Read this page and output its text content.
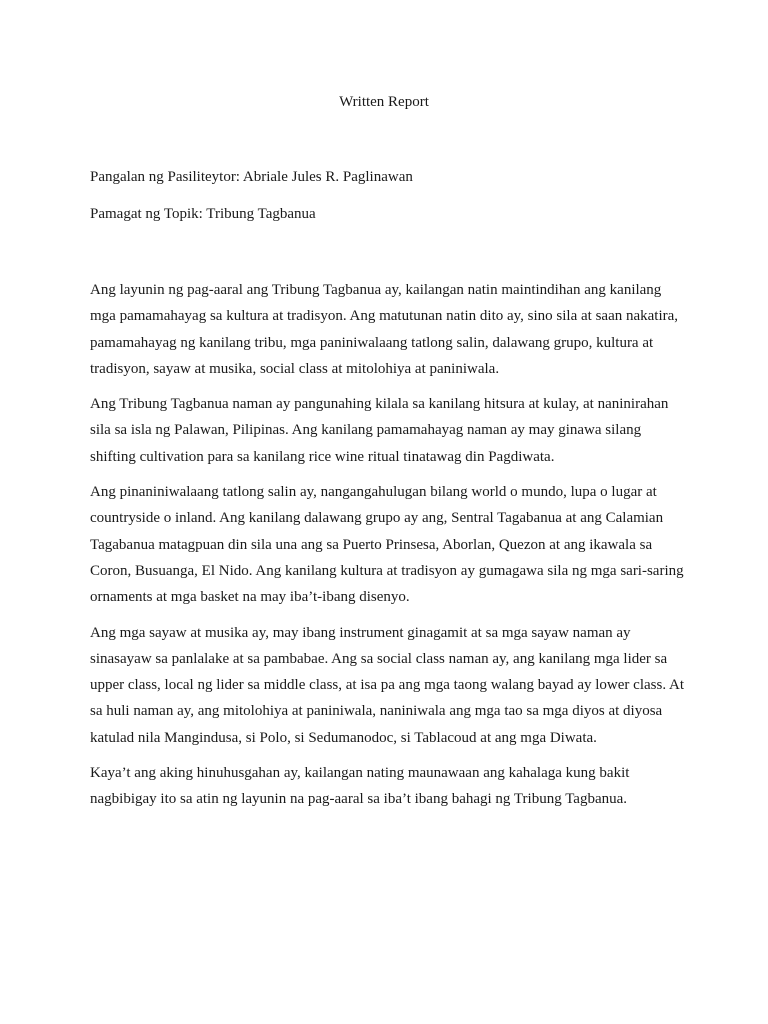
Written Report
Pangalan ng Pasiliteytor: Abriale Jules R. Paglinawan
Pamagat ng Topik: Tribung Tagbanua

Ang layunin ng pag-aaral ang Tribung Tagbanua ay, kailangan natin maintindihan ang kanilang mga pamamahayag sa kultura at tradisyon. Ang matutunan natin dito ay, sino sila at saan nakatira, pamamahayag ng kanilang tribu, mga paniniwalaang tatlong salin, dalawang grupo, kultura at tradisyon, sayaw at musika, social class at mitolohiya at paniniwala.

Ang Tribung Tagbanua naman ay pangunahing kilala sa kanilang hitsura at kulay, at naninirahan sila sa isla ng Palawan, Pilipinas. Ang kanilang pamamahayag naman ay may ginawa silang shifting cultivation para sa kanilang rice wine ritual tinatawag din Pagdiwata.

Ang pinaniniwalaang tatlong salin ay, nangangahulugan bilang world o mundo, lupa o lugar at countryside o inland. Ang kanilang dalawang grupo ay ang, Sentral Tagabanua at ang Calamian Tagabanua matagpuan din sila una ang sa Puerto Prinsesa, Aborlan, Quezon at ang ikawala sa Coron, Busuanga, El Nido. Ang kanilang kultura at tradisyon ay gumagawa sila ng mga sari-saring ornaments at mga basket na may iba’t-ibang disenyo.

Ang mga sayaw at musika ay, may ibang instrument ginagamit at sa mga sayaw naman ay sinasayaw sa panlalake at sa pambabae. Ang sa social class naman ay, ang kanilang mga lider sa upper class, local ng lider sa middle class, at isa pa ang mga taong walang bayad ay lower class. At sa huli naman ay, ang mitolohiya at paniniwala, naniniwala ang mga tao sa mga diyos at diyosa katulad nila Mangindusa, si Polo, si Sedumanodoc, si Tablacoud at ang mga Diwata.

Kaya’t ang aking hinuhusgahan ay, kailangan nating maunawaan ang kahalaga kung bakit nagbibigay ito sa atin ng layunin na pag-aaral sa iba’t ibang bahagi ng Tribung Tagbanua.
